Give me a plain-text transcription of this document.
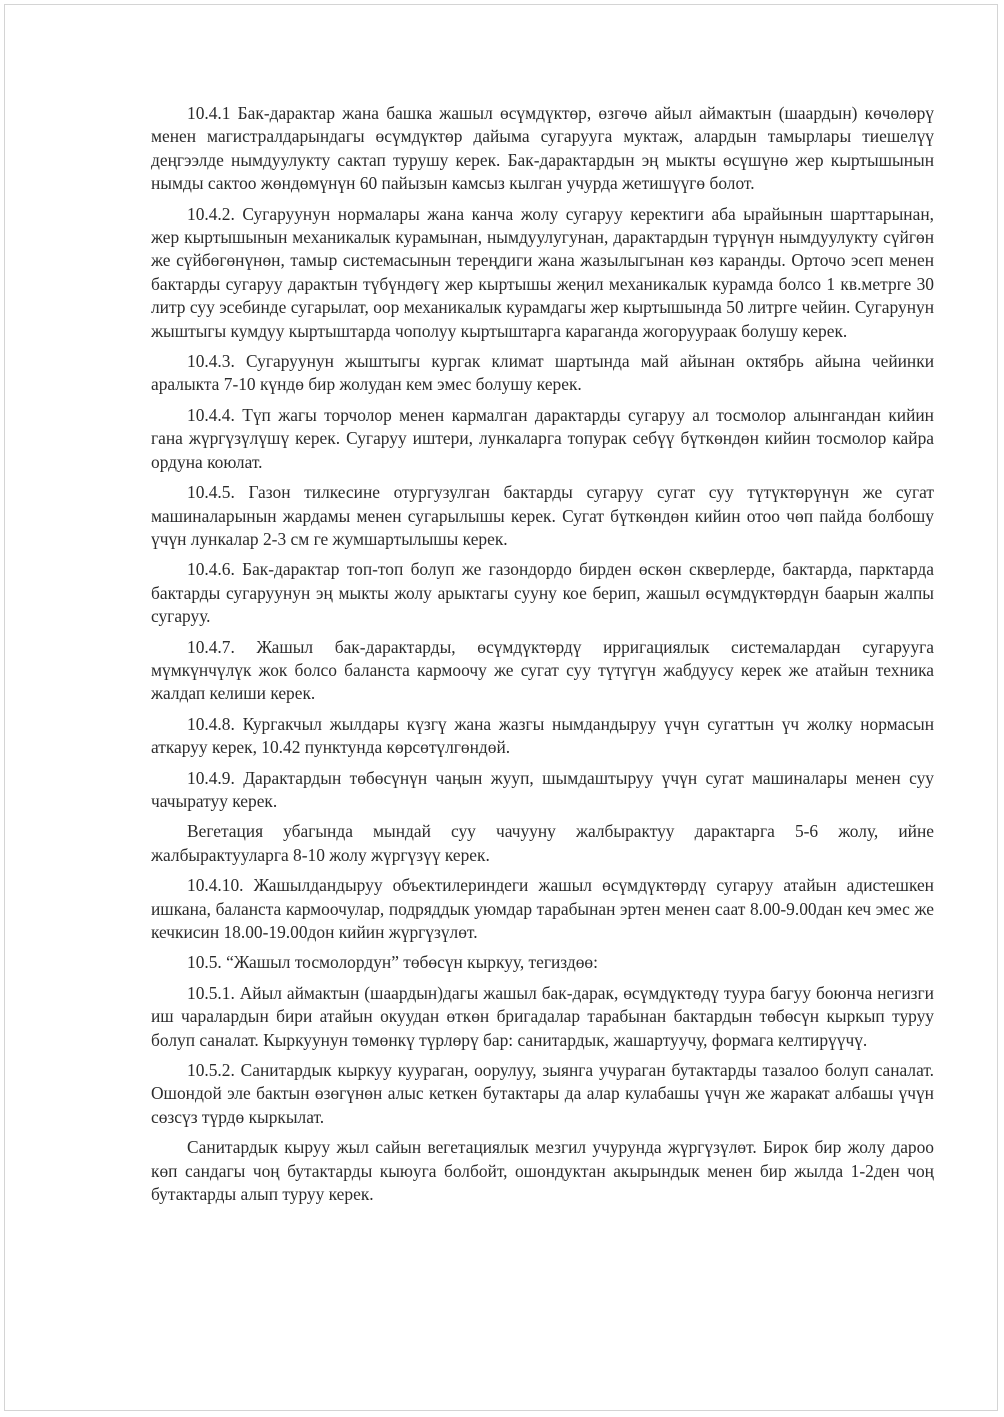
10.4.1 Бак-дарактар жана башка жашыл өсүмдүктөр, өзгөчө айыл аймактын (шаардын) көчөлөрү менен магистралдарындагы өсүмдүктөр дайыма сугарууга муктаж, алардын тамырлары тиешелүү деңгээлде нымдуулукту сактап турушу керек. Бак-дарактардын эң мыкты өсүшүнө жер кыртышынын нымды сактоо жөндөмүнүн 60 пайызын камсыз кылган учурда жетишүүгө болот.

10.4.2. Сугаруунун нормалары жана канча жолу сугаруу керектиги аба ырайынын шарттарынан, жер кыртышынын механикалык курамынан, нымдуулугунан, дарактардын түрүнүн нымдуулукту сүйгөн же сүйбөгөнүнөн, тамыр системасынын тереңдиги жана жазылыгынан көз каранды. Орточо эсеп менен бактарды сугаруу дарактын түбүндөгү жер кыртышы жеңил механикалык курамда болсо 1 кв.метрге 30 литр суу эсебинде сугарылат, оор механикалык курамдагы жер кыртышында 50 литрге чейин. Сугарунун жыштыгы кумдуу кыртыштарда чополуу кыртыштарга караганда жогоруураак болушу керек.

10.4.3. Сугаруунун жыштыгы кургак климат шартында май айынан октябрь айына чейинки аралыкта 7-10 күндө бир жолудан кем эмес болушу керек.

10.4.4. Түп жагы торчолор менен кармалган дарактарды сугаруу ал тосмолор алынгандан кийин гана жүргүзүлүшү керек. Сугаруу иштери, лункаларга топурак себүү бүткөндөн кийин тосмолор кайра ордуна коюлат.

10.4.5. Газон тилкесине отургузулган бактарды сугаруу сугат суу түтүктөрүнүн же сугат машиналарынын жардамы менен сугарылышы керек. Сугат бүткөндөн кийин отоо чөп пайда болбошу үчүн лункалар 2-3 см ге жумшартылышы керек.

10.4.6. Бак-дарактар топ-топ болуп же газондордо бирден өскөн скверлерде, бактарда, парктарда бактарды сугаруунун эң мыкты жолу арыктагы сууну кое берип, жашыл өсүмдүктөрдүн баарын жалпы сугаруу.

10.4.7. Жашыл бак-дарактарды, өсүмдүктөрдү ирригациялык системалардан сугарууга мүмкүнчүлүк жок болсо баланста кармоочу же сугат суу түтүгүн жабдуусу керек же атайын техника жалдап келиши керек.

10.4.8. Кургакчыл жылдары күзгү жана жазгы нымдандыруу үчүн сугаттын үч жолку нормасын аткаруу керек, 10.42 пунктунда көрсөтүлгөндөй.

10.4.9. Дарактардын төбөсүнүн чаңын жууп, шымдаштыруу үчүн сугат машиналары менен суу чачыратуу керек.

Вегетация убагында мындай суу чачууну жалбырактуу дарактарга 5-6 жолу, ийне жалбырактууларга 8-10 жолу жүргүзүү керек.

10.4.10. Жашылдандыруу объектилериндеги жашыл өсүмдүктөрдү сугаруу атайын адистешкен ишкана, баланста кармоочулар, подряддык уюмдар тарабынан эртен менен саат 8.00-9.00дан кеч эмес же кечкисин 18.00-19.00дон кийин жүргүзүлөт.

10.5. “Жашыл тосмолордун” төбөсүн кыркуу, тегиздөө:

10.5.1. Айыл аймактын (шаардын)дагы жашыл бак-дарак, өсүмдүктөдү туура багуу боюнча негизги иш чаралардын бири атайын окуудан өткөн бригадалар тарабынан бактардын төбөсүн кыркып туруу болуп саналат. Кыркуунун төмөнкү түрлөрү бар: санитардык, жашартуучу, формага келтирүүчү.

10.5.2. Санитардык кыркуу куураган, оорулуу, зыянга учураган бутактарды тазалоо болуп саналат. Ошондой эле бактын өзөгүнөн алыс кеткен бутактары да алар кулабашы үчүн же жаракат албашы үчүн сөзсүз түрдө кыркылат.

Санитардык кыруу жыл сайын вегетациялык мезгил учурунда жүргүзүлөт. Бирок бир жолу дароо көп сандагы чоң бутактарды кыюуга болбойт, ошондуктан акырындык менен бир жылда 1-2ден чоң бутактарды алып туруу керек.
